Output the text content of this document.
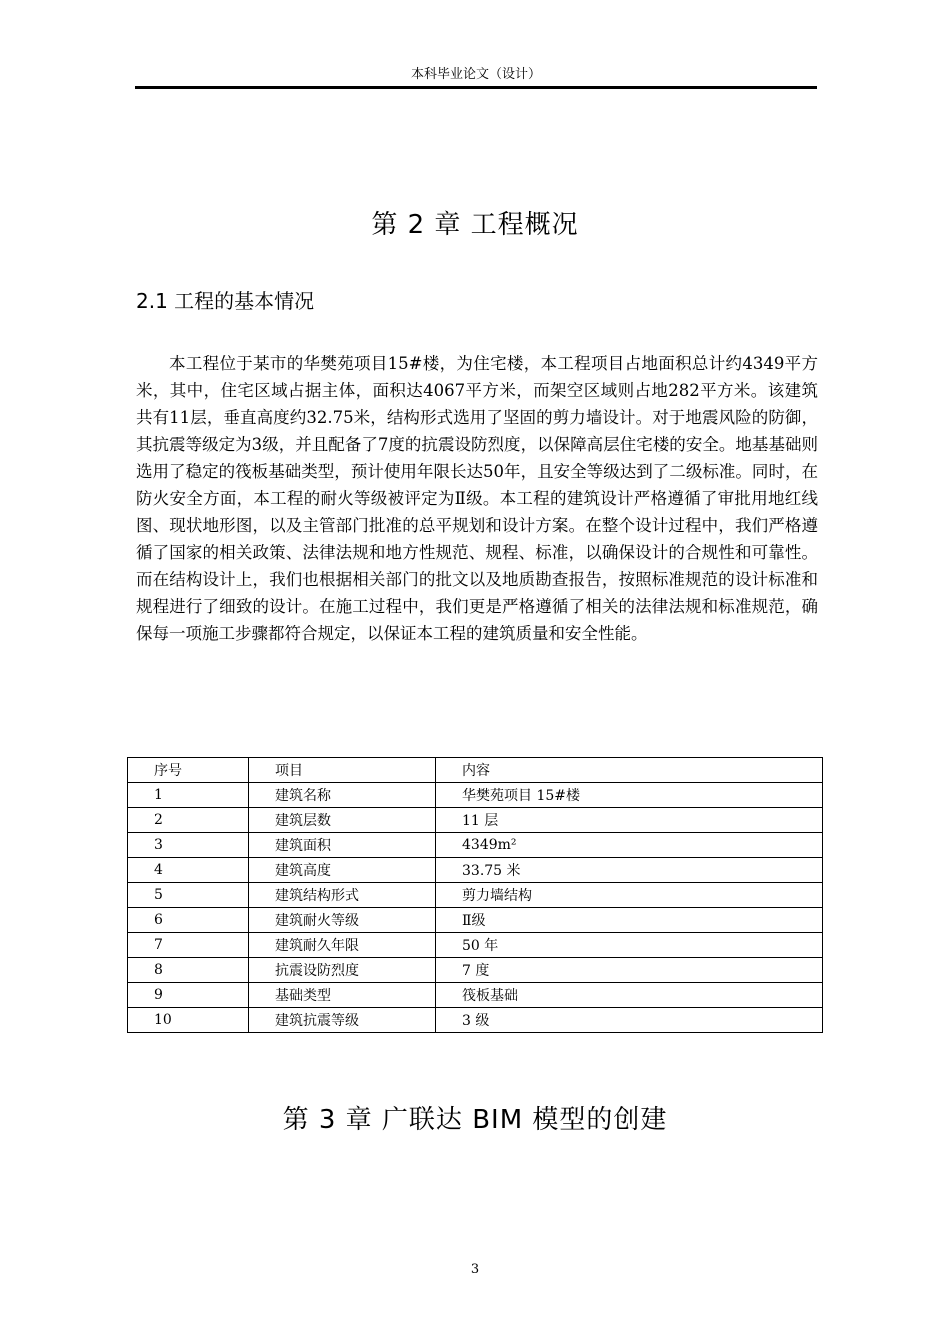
本科毕业论文（设计）
第 2 章 工程概况
2.1 工程的基本情况

本工程位于某市的华樊苑项目15#楼，为住宅楼，本工程项目占地面积总计约4349平方米，其中，住宅区域占据主体，面积达4067平方米，而架空区域则占地282平方米。该建筑共有11层，垂直高度约32.75米，结构形式选用了坚固的剪力墙设计。对于地震风险的防御，其抗震等级定为3级，并且配备了7度的抗震设防烈度，以保障高层住宅楼的安全。地基基础则选用了稳定的筏板基础类型，预计使用年限长达50年，且安全等级达到了二级标准。同时，在防火安全方面，本工程的耐火等级被评定为Ⅱ级。本工程的建筑设计严格遵循了审批用地红线图、现状地形图，以及主管部门批准的总平规划和设计方案。在整个设计过程中，我们严格遵循了国家的相关政策、法律法规和地方性规范、规程、标准，以确保设计的合规性和可靠性。而在结构设计上，我们也根据相关部门的批文以及地质勘查报告，按照标准规范的设计标准和规程进行了细致的设计。在施工过程中，我们更是严格遵循了相关的法律法规和标准规范，确保每一项施工步骤都符合规定，以保证本工程的建筑质量和安全性能。

序号	项目	内容
1	建筑名称	华樊苑项目 15#楼
2	建筑层数	11 层
3	建筑面积	4349m²
4	建筑高度	33.75 米
5	建筑结构形式	剪力墙结构
6	建筑耐火等级	Ⅱ级
7	建筑耐久年限	50 年
8	抗震设防烈度	7 度
9	基础类型	筏板基础
10	建筑抗震等级	3 级
第 3 章 广联达 BIM 模型的创建
3
